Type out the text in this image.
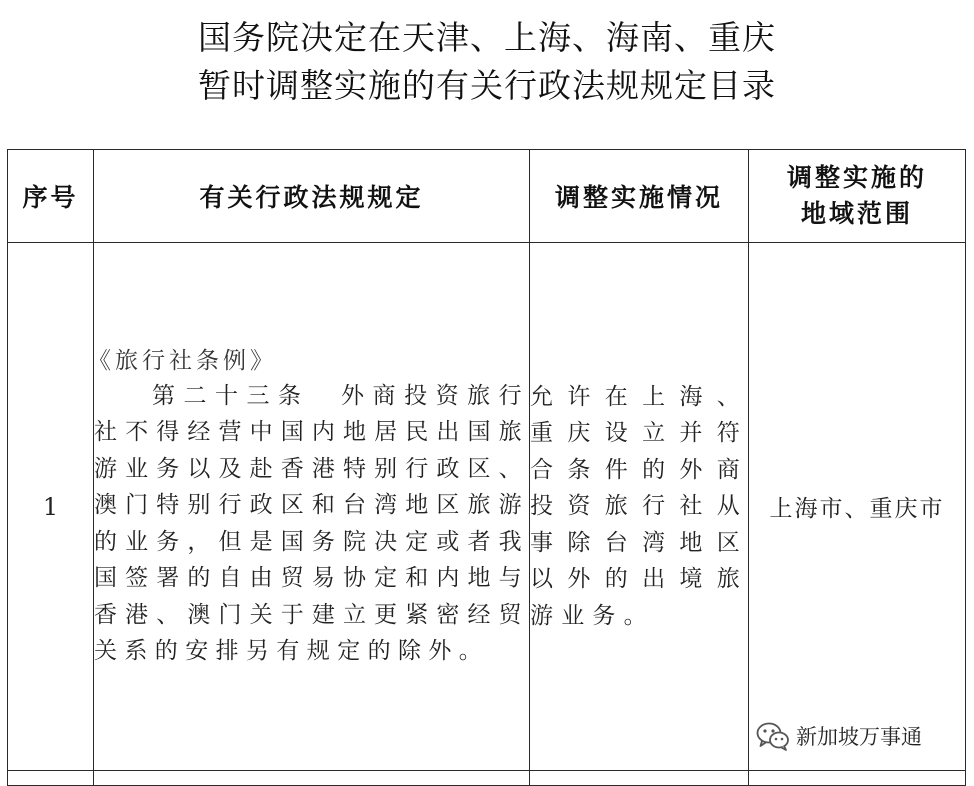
国务院决定在天津、上海、海南、重庆
暂时调整实施的有关行政法规规定目录
序号	有关行政法规规定	调整实施情况	调整实施的
地域范围

1	《旅行社条例》
第二十三条　外商投资旅行社不得经营中国内地居民出国旅游业务以及赴香港特别行政区、澳门特别行政区和台湾地区旅游的业务，但是国务院决定或者我国签署的自由贸易协定和内地与香港、澳门关于建立更紧密经贸关系的安排另有规定的除外。	允许在上海、重庆设立并符合条件的外商投资旅行社从事除台湾地区以外的出境旅游业务。	上海市、重庆市

新加坡万事通
